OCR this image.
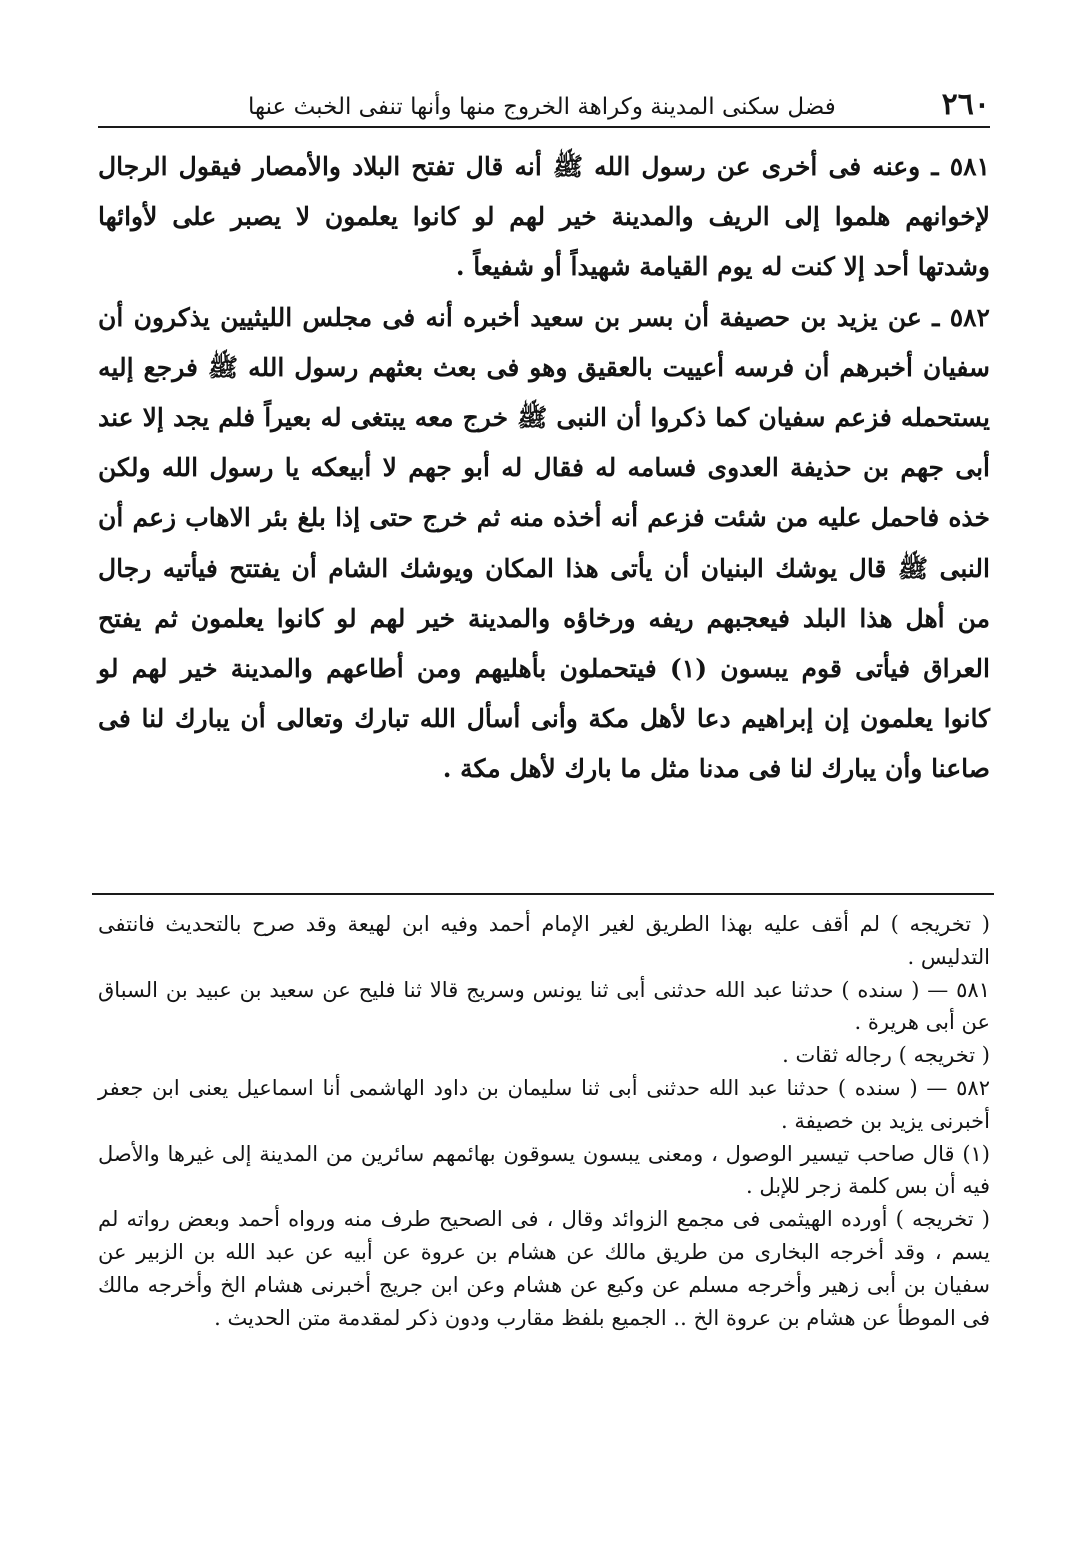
٢٦٠
فضل سكنى المدينة وكراهة الخروج منها وأنها تنفى الخبث عنها

٥٨١ ـ وعنه فى أخرى عن رسول الله ﷺ أنه قال تفتح البلاد والأمصار فيقول الرجال لإخوانهم هلموا إلى الريف والمدينة خير لهم لو كانوا يعلمون لا يصبر على لأوائها وشدتها أحد إلا كنت له يوم القيامة شهيداً أو شفيعاً .

٥٨٢ ـ عن يزيد بن حصيفة أن بسر بن سعيد أخبره أنه فى مجلس الليثيين يذكرون أن سفيان أخبرهم أن فرسه أعييت بالعقيق وهو فى بعث بعثهم رسول الله ﷺ فرجع إليه يستحمله فزعم سفيان كما ذكروا أن النبى ﷺ خرج معه يبتغى له بعيراً فلم يجد إلا عند أبى جهم بن حذيفة العدوى فسامه له فقال له أبو جهم لا أبيعكه يا رسول الله ولكن خذه فاحمل عليه من شئت فزعم أنه أخذه منه ثم خرج حتى إذا بلغ بئر الاهاب زعم أن النبى ﷺ قال يوشك البنيان أن يأتى هذا المكان ويوشك الشام أن يفتتح فيأتيه رجال من أهل هذا البلد فيعجبهم ريفه ورخاؤه والمدينة خير لهم لو كانوا يعلمون ثم يفتح العراق فيأتى قوم يبسون (١) فيتحملون بأهليهم ومن أطاعهم والمدينة خير لهم لو كانوا يعلمون إن إبراهيم دعا لأهل مكة وأنى أسأل الله تبارك وتعالى أن يبارك لنا فى صاعنا وأن يبارك لنا فى مدنا مثل ما بارك لأهل مكة .

( تخريجه ) لم أقف عليه بهذا الطريق لغير الإمام أحمد وفيه ابن لهيعة وقد صرح بالتحديث فانتفى التدليس .

٥٨١ — ( سنده ) حدثنا عبد الله حدثنى أبى ثنا يونس وسريج قالا ثنا فليح عن سعيد بن عبيد بن السباق عن أبى هريرة .

( تخريجه ) رجاله ثقات .

٥٨٢ — ( سنده ) حدثنا عبد الله حدثنى أبى ثنا سليمان بن داود الهاشمى أنا اسماعيل يعنى ابن جعفر أخبرنى يزيد بن خصيفة .

(١) قال صاحب تيسير الوصول ، ومعنى يبسون يسوقون بهائمهم سائرين من المدينة إلى غيرها والأصل فيه أن بس كلمة زجر للإبل .

( تخريجه ) أورده الهيثمى فى مجمع الزوائد وقال ، فى الصحيح طرف منه ورواه أحمد وبعض رواته لم يسم ، وقد أخرجه البخارى من طريق مالك عن هشام بن عروة عن أبيه عن عبد الله بن الزبير عن سفيان بن أبى زهير وأخرجه مسلم عن وكيع عن هشام وعن ابن جريج أخبرنى هشام الخ وأخرجه مالك فى الموطأ عن هشام بن عروة الخ .. الجميع بلفظ مقارب ودون ذكر لمقدمة متن الحديث .
